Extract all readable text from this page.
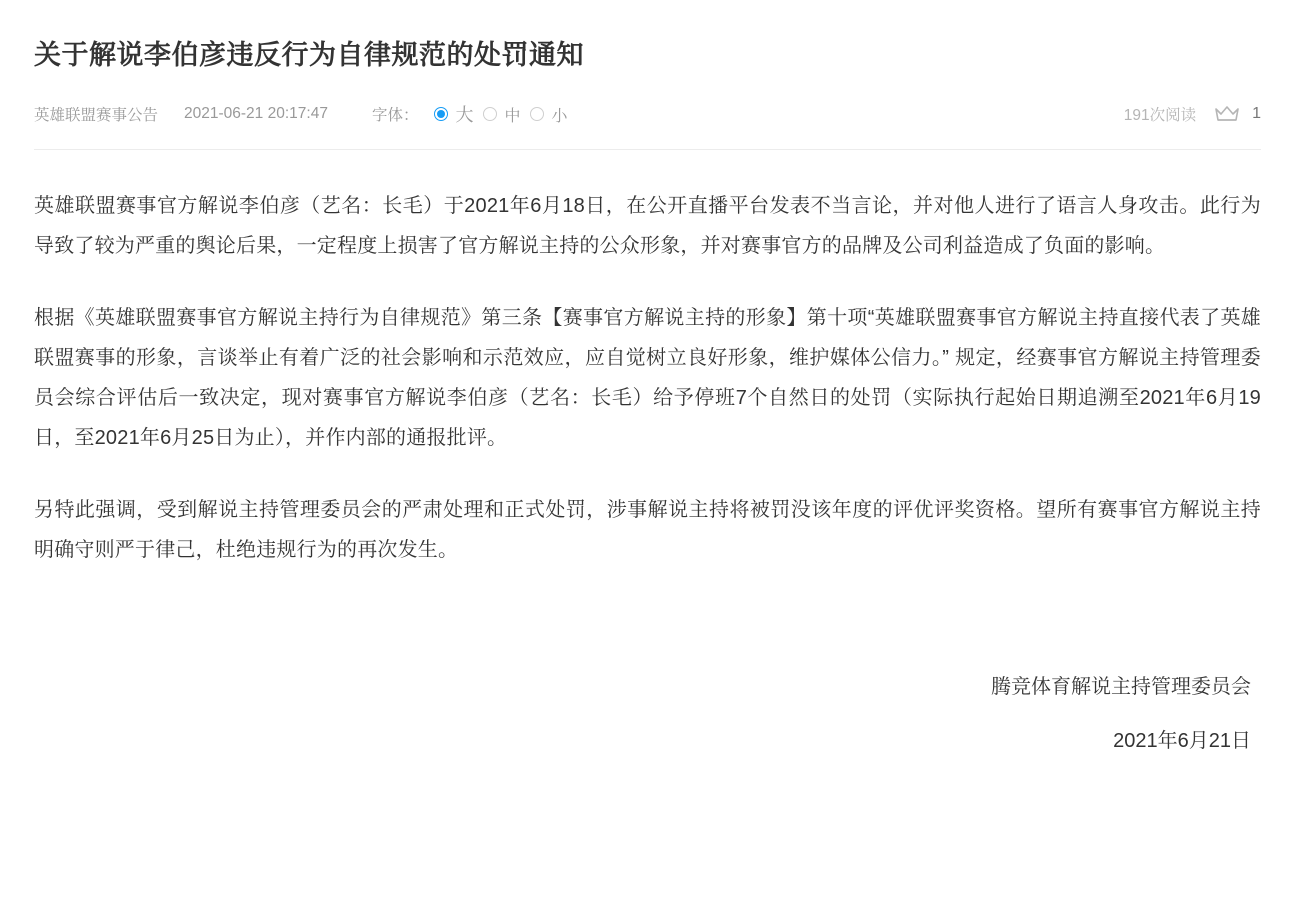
关于解说李伯彦违反行为自律规范的处罚通知
英雄联盟赛事公告 2021-06-21 20:17:47	字体： 大 中 小	191次阅读	1

英雄联盟赛事官方解说李伯彦（艺名：长毛）于2021年6月18日，在公开直播平台发表不当言论，并对他人进行了语言人身攻击。此行为导致了较为严重的舆论后果，一定程度上损害了官方解说主持的公众形象，并对赛事官方的品牌及公司利益造成了负面的影响。

根据《英雄联盟赛事官方解说主持行为自律规范》第三条【赛事官方解说主持的形象】第十项“英雄联盟赛事官方解说主持直接代表了英雄联盟赛事的形象，言谈举止有着广泛的社会影响和示范效应，应自觉树立良好形象，维护媒体公信力。” 规定，经赛事官方解说主持管理委员会综合评估后一致决定，现对赛事官方解说李伯彦（艺名：长毛）给予停班7个自然日的处罚（实际执行起始日期追溯至2021年6月19日，至2021年6月25日为止），并作内部的通报批评。

另特此强调，受到解说主持管理委员会的严肃处理和正式处罚，涉事解说主持将被罚没该年度的评优评奖资格。望所有赛事官方解说主持明确守则严于律己，杜绝违规行为的再次发生。

腾竞体育解说主持管理委员会
2021年6月21日
